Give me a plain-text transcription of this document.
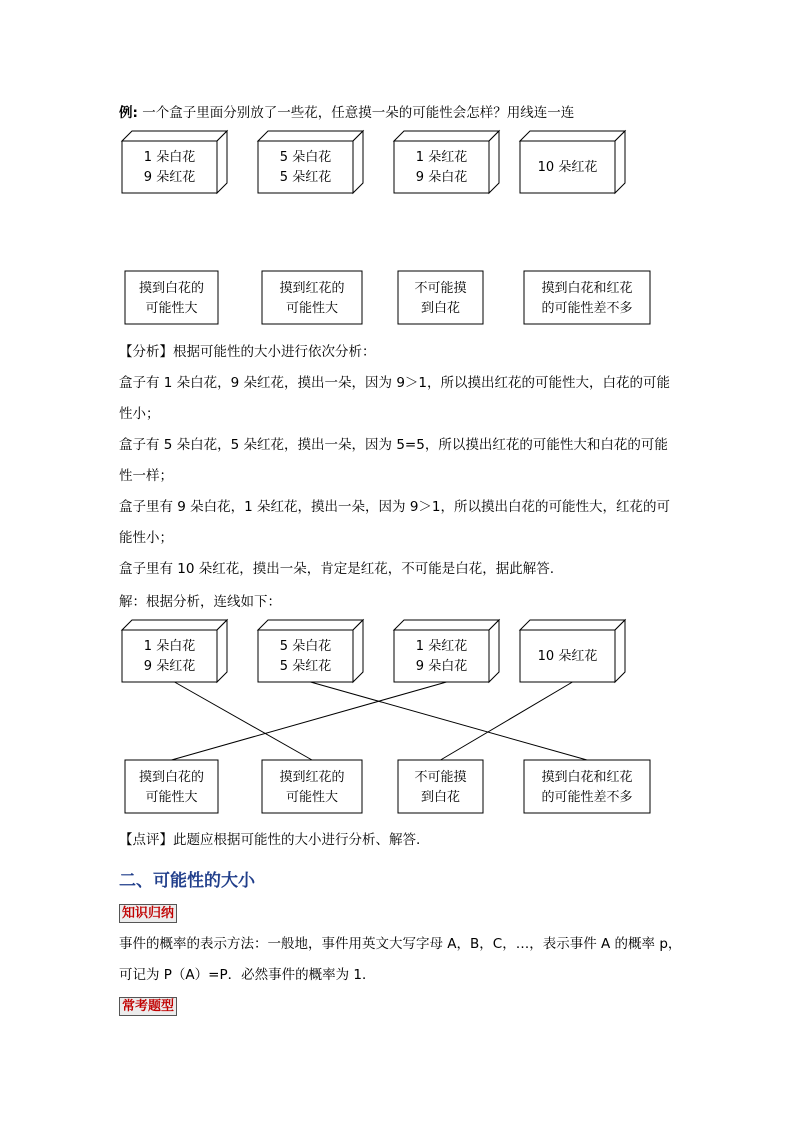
例: 一个盒子里面分别放了一些花，任意摸一朵的可能性会怎样？用线连一连
1 朵白花
9 朵红花
5 朵白花
5 朵红花
1 朵红花
9 朵白花
10 朵红花
摸到白花的
可能性大
摸到红花的
可能性大
不可能摸
到白花
摸到白花和红花
的可能性差不多
【分析】根据可能性的大小进行依次分析：
盒子有 1 朵白花，9 朵红花，摸出一朵，因为 9＞1，所以摸出红花的可能性大，白花的可能
性小；
盒子有 5 朵白花，5 朵红花，摸出一朵，因为 5=5，所以摸出红花的可能性大和白花的可能
性一样；
盒子里有 9 朵白花，1 朵红花，摸出一朵，因为 9＞1，所以摸出白花的可能性大，红花的可
能性小；
盒子里有 10 朵红花，摸出一朵，肯定是红花，不可能是白花，据此解答.
解：根据分析，连线如下：
1 朵白花
9 朵红花
5 朵白花
5 朵红花
1 朵红花
9 朵白花
10 朵红花
摸到白花的
可能性大
摸到红花的
可能性大
不可能摸
到白花
摸到白花和红花
的可能性差不多
【点评】此题应根据可能性的大小进行分析、解答.
二、可能性的大小
知识归纳
事件的概率的表示方法：一般地，事件用英文大写字母 A，B，C，…，表示事件 A 的概率 p，
可记为 P（A）=P．必然事件的概率为 1．
常考题型
